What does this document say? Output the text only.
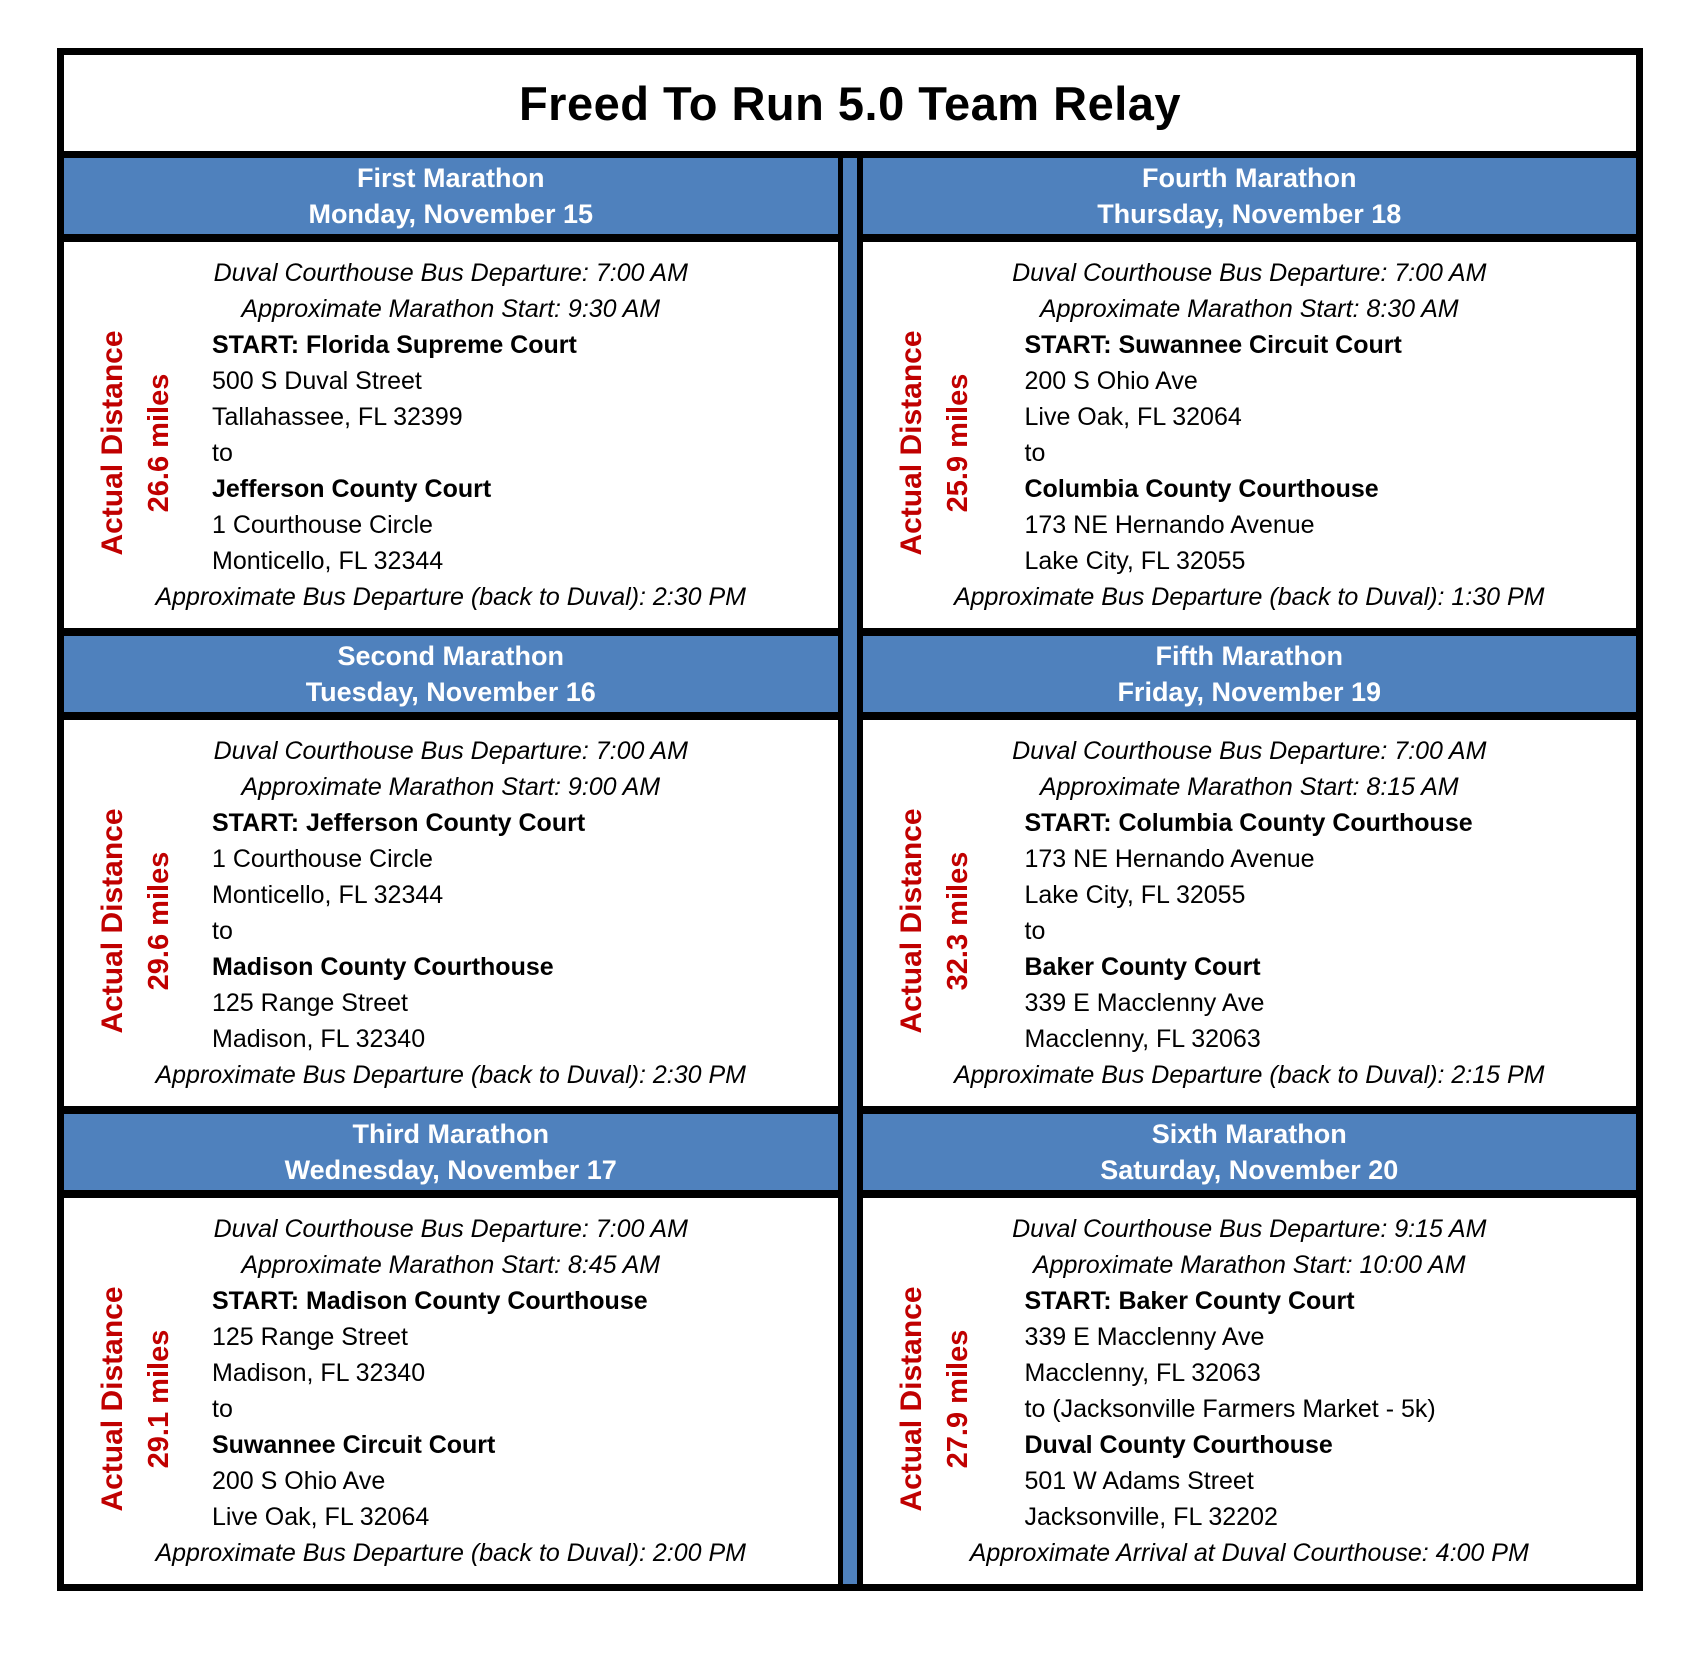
Freed To Run 5.0 Team Relay
First Marathon
Monday, November 15
Actual Distance 26.6 miles
Duval Courthouse Bus Departure: 7:00 AM
Approximate Marathon Start: 9:30 AM
START: Florida Supreme Court
500 S Duval Street
Tallahassee, FL 32399
to
Jefferson County Court
1 Courthouse Circle
Monticello, FL 32344
Approximate Bus Departure (back to Duval): 2:30 PM
Second Marathon
Tuesday, November 16
Actual Distance 29.6 miles
Duval Courthouse Bus Departure: 7:00 AM
Approximate Marathon Start: 9:00 AM
START: Jefferson County Court
1 Courthouse Circle
Monticello, FL 32344
to
Madison County Courthouse
125 Range Street
Madison, FL 32340
Approximate Bus Departure (back to Duval): 2:30 PM
Third Marathon
Wednesday, November 17
Actual Distance 29.1 miles
Duval Courthouse Bus Departure: 7:00 AM
Approximate Marathon Start: 8:45 AM
START: Madison County Courthouse
125 Range Street
Madison, FL 32340
to
Suwannee Circuit Court
200 S Ohio Ave
Live Oak, FL 32064
Approximate Bus Departure (back to Duval): 2:00 PM
Fourth Marathon
Thursday, November 18
Actual Distance 25.9 miles
Duval Courthouse Bus Departure: 7:00 AM
Approximate Marathon Start: 8:30 AM
START: Suwannee Circuit Court
200 S Ohio Ave
Live Oak, FL 32064
to
Columbia County Courthouse
173 NE Hernando Avenue
Lake City, FL 32055
Approximate Bus Departure (back to Duval): 1:30 PM
Fifth Marathon
Friday, November 19
Actual Distance 32.3 miles
Duval Courthouse Bus Departure: 7:00 AM
Approximate Marathon Start: 8:15 AM
START: Columbia County Courthouse
173 NE Hernando Avenue
Lake City, FL 32055
to
Baker County Court
339 E Macclenny Ave
Macclenny, FL 32063
Approximate Bus Departure (back to Duval): 2:15 PM
Sixth Marathon
Saturday, November 20
Actual Distance 27.9 miles
Duval Courthouse Bus Departure: 9:15 AM
Approximate Marathon Start: 10:00 AM
START: Baker County Court
339 E Macclenny Ave
Macclenny, FL 32063
to (Jacksonville Farmers Market - 5k)
Duval County Courthouse
501 W Adams Street
Jacksonville, FL 32202
Approximate Arrival at Duval Courthouse: 4:00 PM
